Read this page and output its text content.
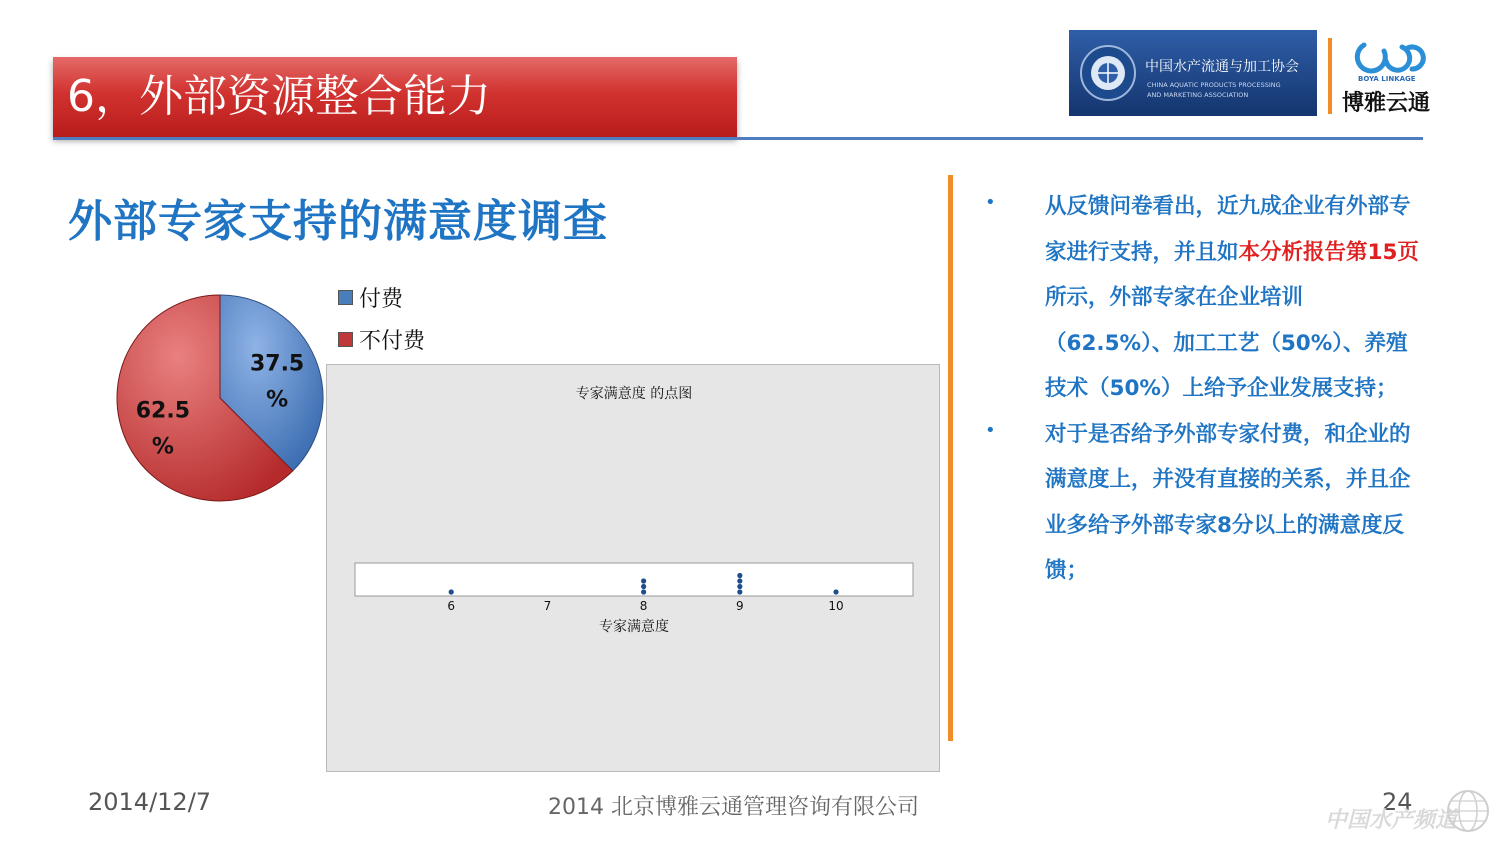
6，外部资源整合能力
中国水产流通与加工协会
CHINA AQUATIC PRODUCTS PROCESSING
AND MARKETING ASSOCIATION
BOYA LINKAGE
博雅云通
外部专家支持的满意度调查
37.5
%
62.5
%
付费
不付费
专家满意度 的点图
6	7	8	9	10
专家满意度
•	从反馈问卷看出，近九成企业有外部专家进行支持，并且如本分析报告第15页所示，外部专家在企业培训（62.5%）、加工工艺（50%）、养殖技术（50%）上给予企业发展支持；
•	对于是否给予外部专家付费，和企业的满意度上，并没有直接的关系，并且企业多给予外部专家8分以上的满意度反馈；
2014/12/7	2014 北京博雅云通管理咨询有限公司	24
中国水产频道
